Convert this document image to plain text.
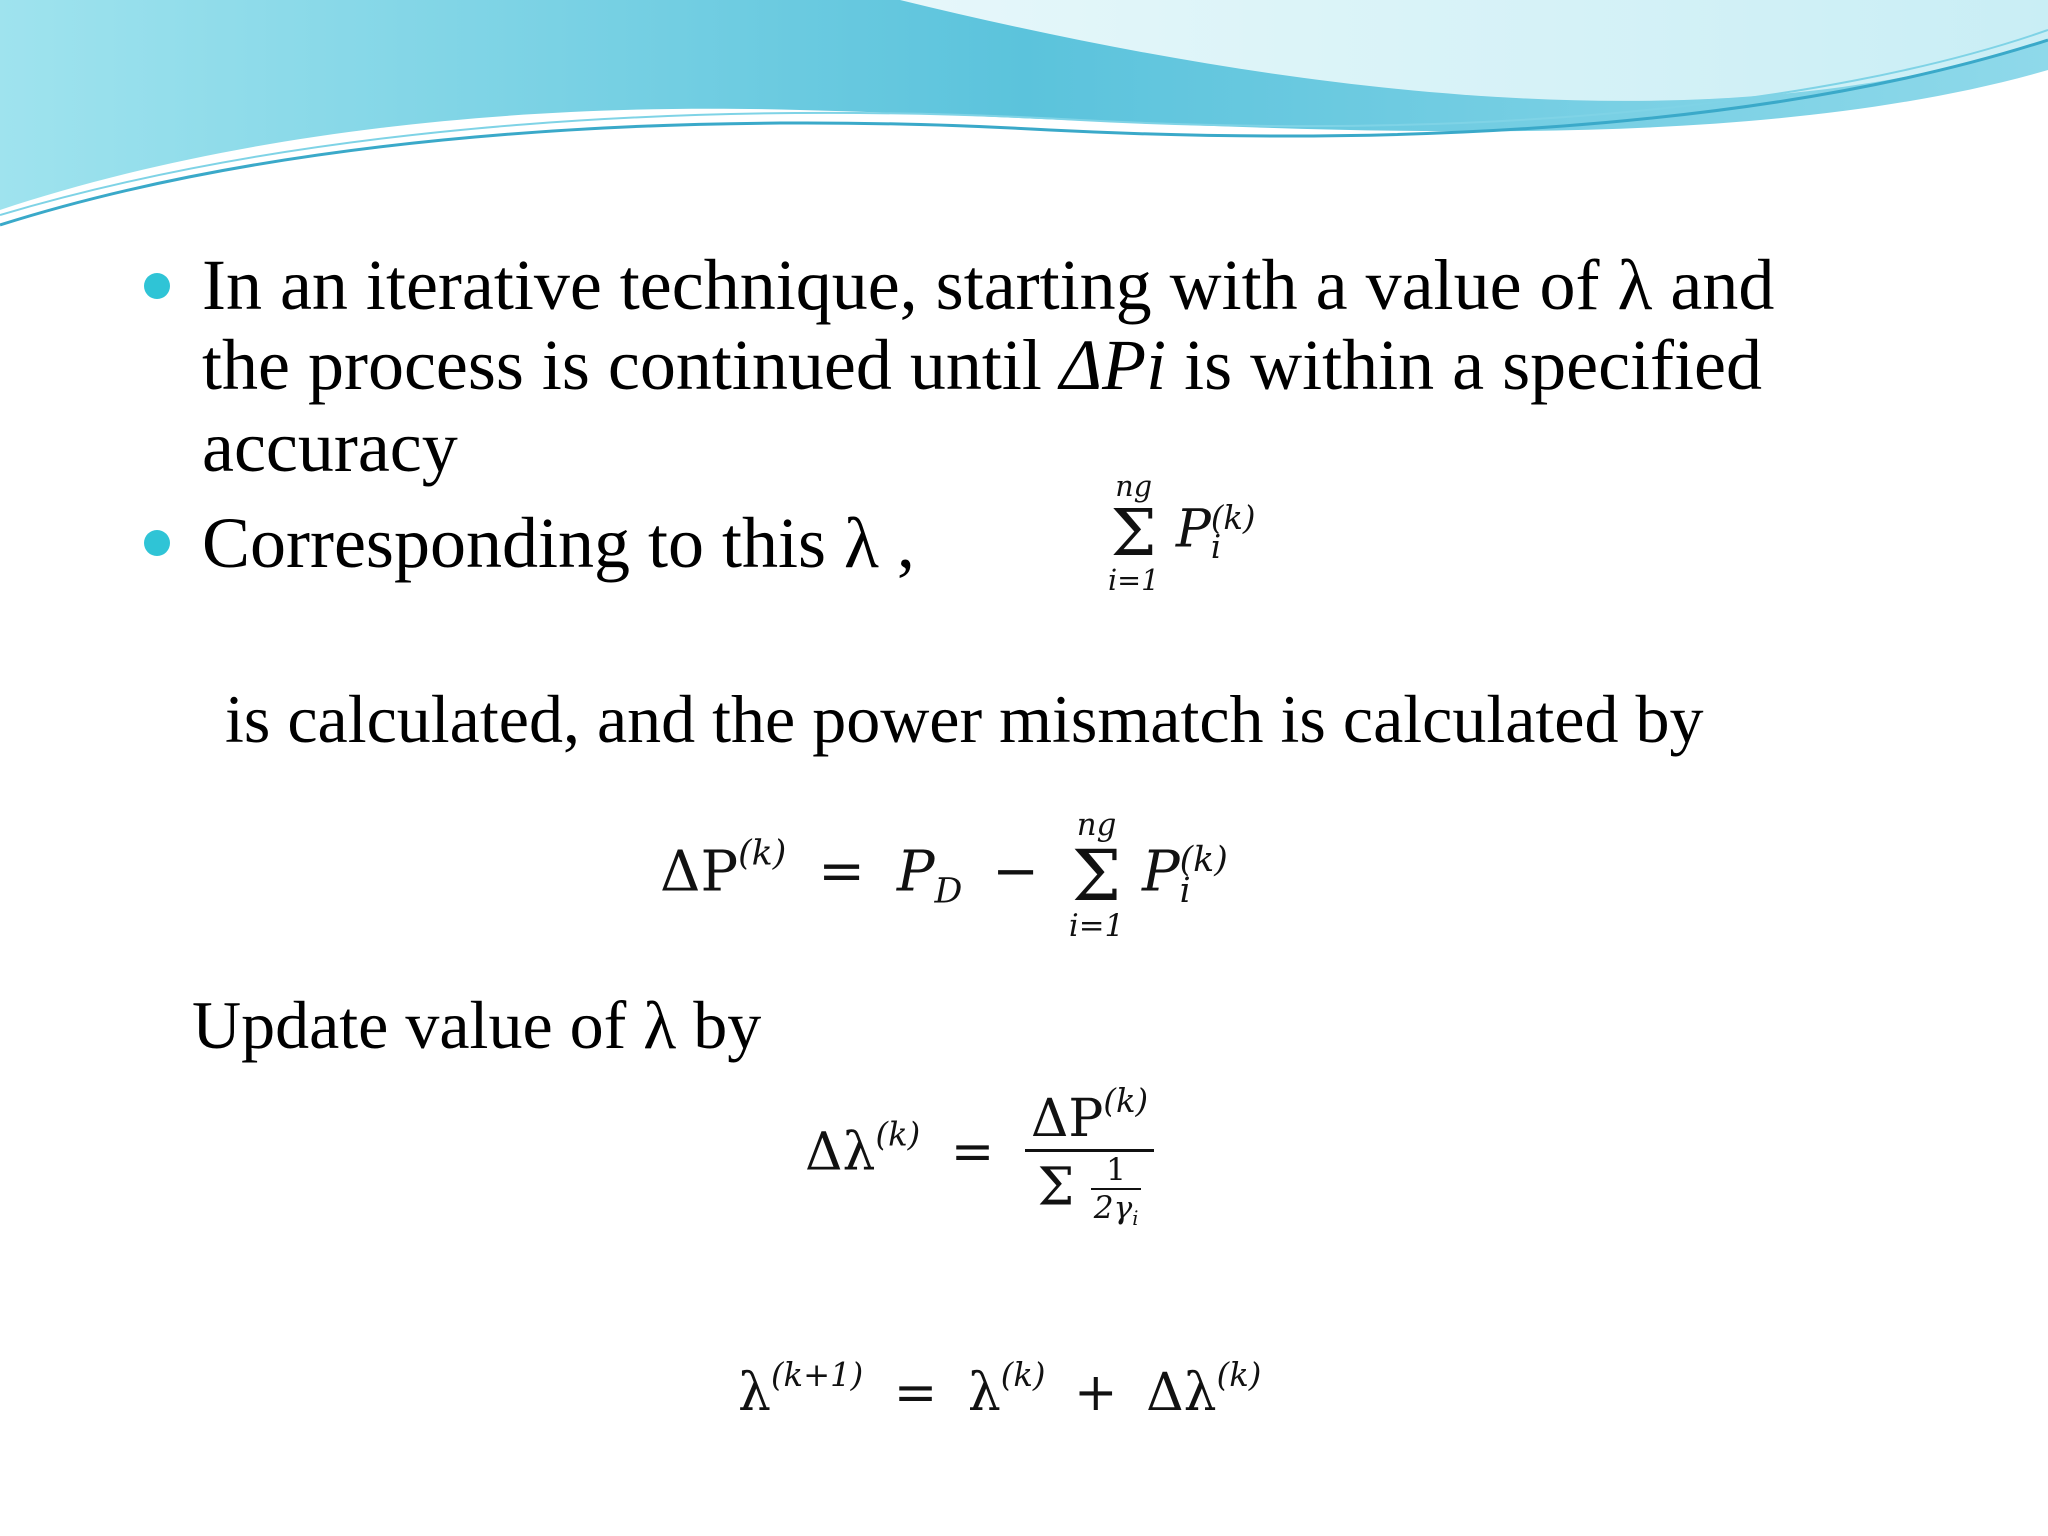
In an iterative technique, starting with a value of λ and
the process is continued until ΔPi is within a specified
accuracy
Corresponding to this λ ,
ng
Σ
i=1
P (k)
i
is calculated, and the power mismatch is calculated by
$\Delta P^{(k)} = P_D$ −
ng
Σ
i=1
P (k)
i
Update value of λ by
$\Delta\lambda^{(k)} = \frac{\Delta P^{(k)}}{\Sigma \frac{1}{2\gamma_i}}$
$\lambda^{(k+1)} = \lambda^{(k)} + \Delta\lambda^{(k)}$
